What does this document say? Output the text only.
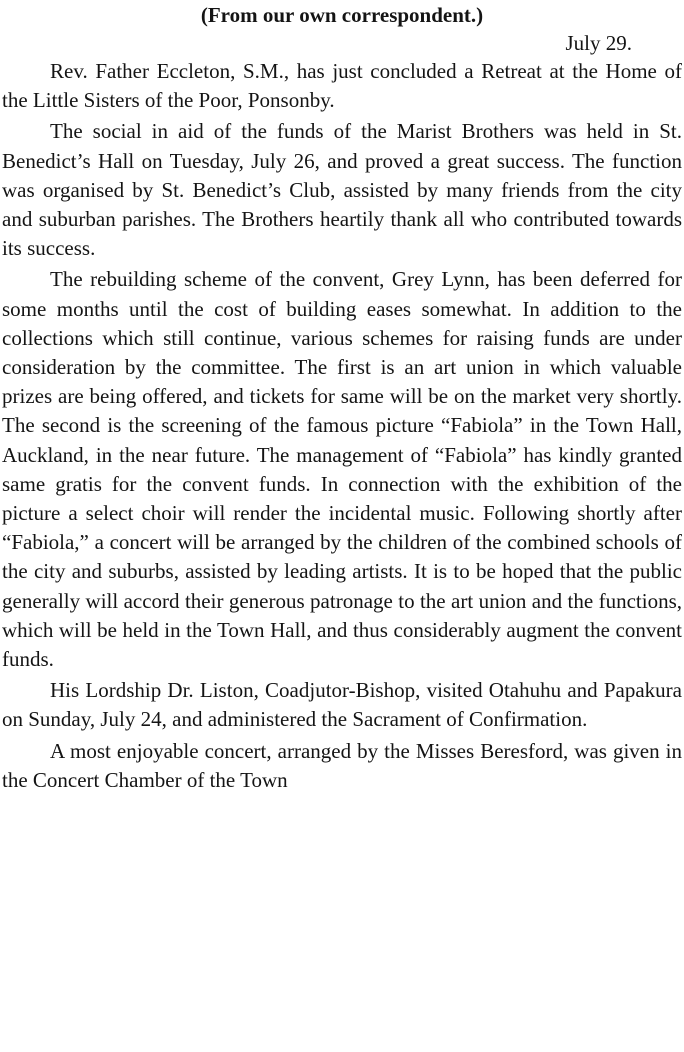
(From our own correspondent.)

July 29.

Rev. Father Eccleton, S.M., has just concluded a Retreat at the Home of the Little Sisters of the Poor, Ponsonby.

The social in aid of the funds of the Marist Brothers was held in St. Benedict’s Hall on Tuesday, July 26, and proved a great success. The function was organised by St. Benedict’s Club, assisted by many friends from the city and suburban parishes. The Brothers heartily thank all who contributed towards its success.

The rebuilding scheme of the convent, Grey Lynn, has been deferred for some months until the cost of building eases somewhat. In addition to the collections which still continue, various schemes for raising funds are under consideration by the committee. The first is an art union in which valuable prizes are being offered, and tickets for same will be on the market very shortly. The second is the screening of the famous picture “Fabiola” in the Town Hall, Auckland, in the near future. The management of “Fabiola” has kindly granted same gratis for the convent funds. In connection with the exhibition of the picture a select choir will render the incidental music. Following shortly after “Fabiola,” a concert will be arranged by the children of the combined schools of the city and suburbs, assisted by leading artists. It is to be hoped that the public generally will accord their generous patronage to the art union and the functions, which will be held in the Town Hall, and thus considerably augment the convent funds.

His Lordship Dr. Liston, Coadjutor-Bishop, visited Otahuhu and Papakura on Sunday, July 24, and administered the Sacrament of Confirmation.

A most enjoyable concert, arranged by the Misses Beresford, was given in the Concert Chamber of the Town
